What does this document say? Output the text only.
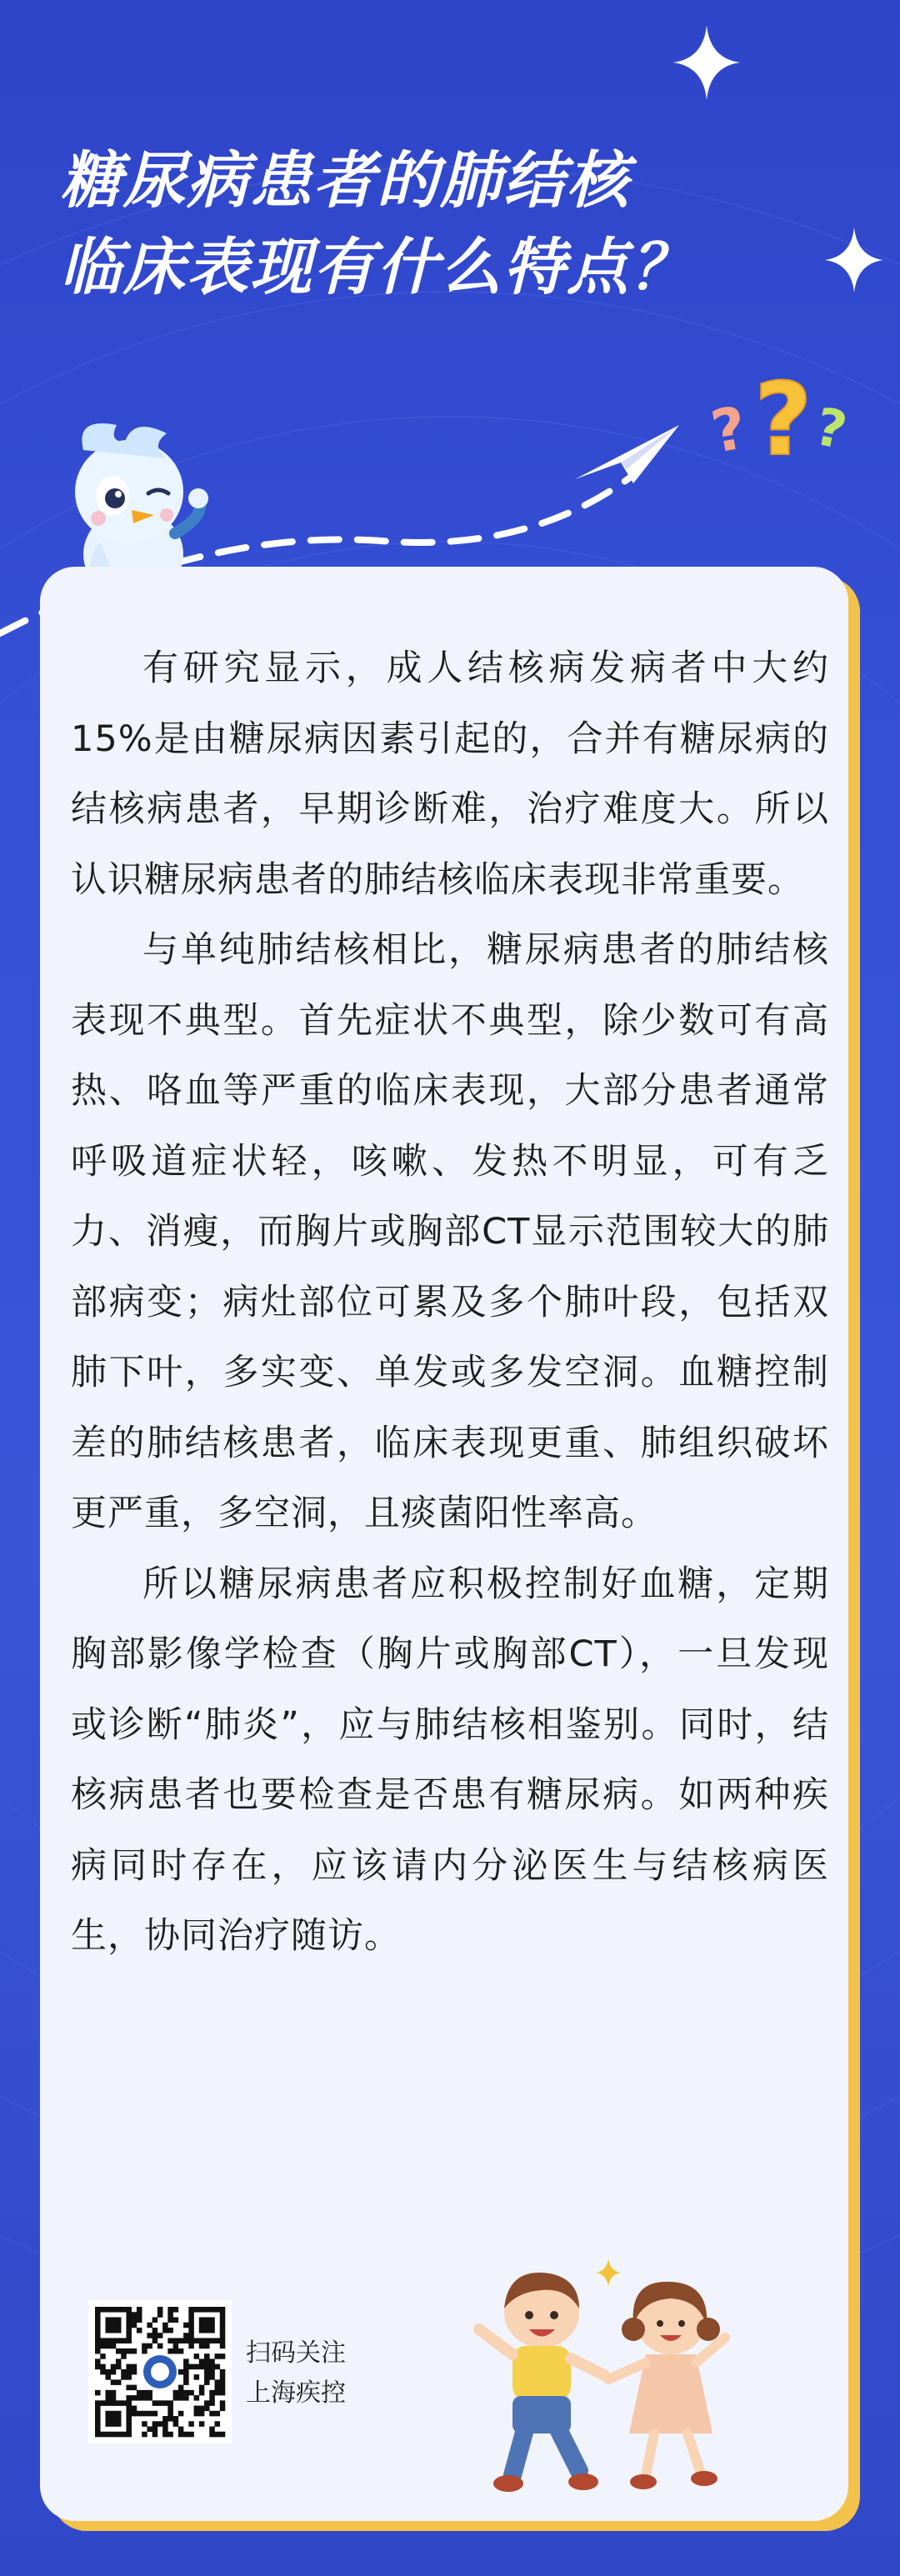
糖尿病患者的肺结核
临床表现有什么特点？
? ?
?

有研究显示，成人结核病发病者中大约15%是由糖尿病因素引起的，合并有糖尿病的结核病患者，早期诊断难，治疗难度大。所以认识糖尿病患者的肺结核临床表现非常重要。

与单纯肺结核相比，糖尿病患者的肺结核表现不典型。首先症状不典型，除少数可有高热、咯血等严重的临床表现，大部分患者通常呼吸道症状轻，咳嗽、发热不明显，可有乏力、消瘦，而胸片或胸部CT显示范围较大的肺部病变；病灶部位可累及多个肺叶段，包括双肺下叶，多实变、单发或多发空洞。血糖控制差的肺结核患者，临床表现更重、肺组织破坏更严重，多空洞，且痰菌阳性率高。

所以糖尿病患者应积极控制好血糖，定期胸部影像学检查（胸片或胸部CT），一旦发现或诊断“肺炎”，应与肺结核相鉴别。同时，结核病患者也要检查是否患有糖尿病。如两种疾病同时存在，应该请内分泌医生与结核病医生，协同治疗随访。

扫码关注
上海疾控
